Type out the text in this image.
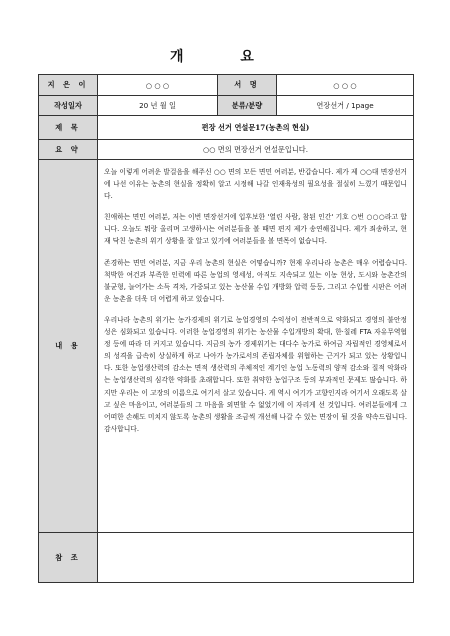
개 요
지 은 이	○ ○ ○	서 명	○ ○ ○
작성일자	20 년 월 일	분류/분량	연장선거 / 1page
제 목	편장 선거 연설문17(농촌의 현실)		
요 약	○○ 면의 면장선거 연설문입니다.		
내 용	오늘 이렇게 어려운 발걸음을 해주신 ○○ 면의 모든 면민 여러분, 반갑습니다. 제가 제 ○○대 면장선거에 나선 이유는 농촌의 현실을 정확히 알고 시정해 나갈 인재육성의 필요성을 절실히 느꼈기 때문입니다.

친애하는 면민 여러분, 저는 이번 면장선거에 입후보한 '열린 사람, 참된 인간' 기호 ○번 ○○○라고 합니다. 오늘도 뭐랑 올리며 고생하시는 여러분들을 볼 때면 편지 제가 송연해집니다. 제가 죄송하고, 현재 닥친 농촌의 위기 상황을 잘 알고 있기에 여러분들을 볼 면목이 없습니다.

존경하는 면민 여러분, 지금 우리 농촌의 현실은 어떻습니까? 현재 우리나라 농촌은 매우 어렵습니다. 척박한 여건과 부족한 인력에 따른 농업의 영세성, 아직도 지속되고 있는 이농 현상, 도시와 농촌간의 불균형, 늘어가는 소득 격차, 가중되고 있는 농산물 수입 개방화 압력 등등, 그리고 수입쌀 시판은 어려운 농촌을 더욱 더 어렵게 하고 있습니다.

우리나라 농촌의 위기는 농가경제의 위기로 농업경영의 수익성이 전반적으로 약화되고 경영의 불안정성은 심화되고 있습니다. 이러한 농업경영의 위기는 농산물 수입개방의 확대, 한·칠레 FTA 자유무역협정 등에 따라 더 커지고 있습니다. 지금의 농가 경제위기는 대다수 농가로 하여금 자립적인 경영체로서의 성격을 급속히 상실하게 하고 나아가 농가로서의 존립자체를 위협하는 근거가 되고 있는 상황입니다. 또한 농업생산력의 감소는 면적 생산력의 주체적인 계기인 농업 노동력의 양적 감소와 질적 악화라는 농업생산력의 심각한 약화를 초래합니다. 또한 취약한 농업구조 등의 부과적인 문제도 많습니다. 하지만 우리는 이 고장의 이름으로 여기서 살고 있습니다. 게 역시 여기가 고향인지라 여기서 오래도록 살고 싶은 마음이고, 여러분들의 그 마음을 외면할 수 없었기에 이 자리게 선 것입니다. 여러분들에게 그 어떠한 손해도 미치지 않도록 농촌의 생활을 조금씩 개선해 나갈 수 있는 면장이 될 것을 약속드립니다. 감사합니다.		

참 조			
